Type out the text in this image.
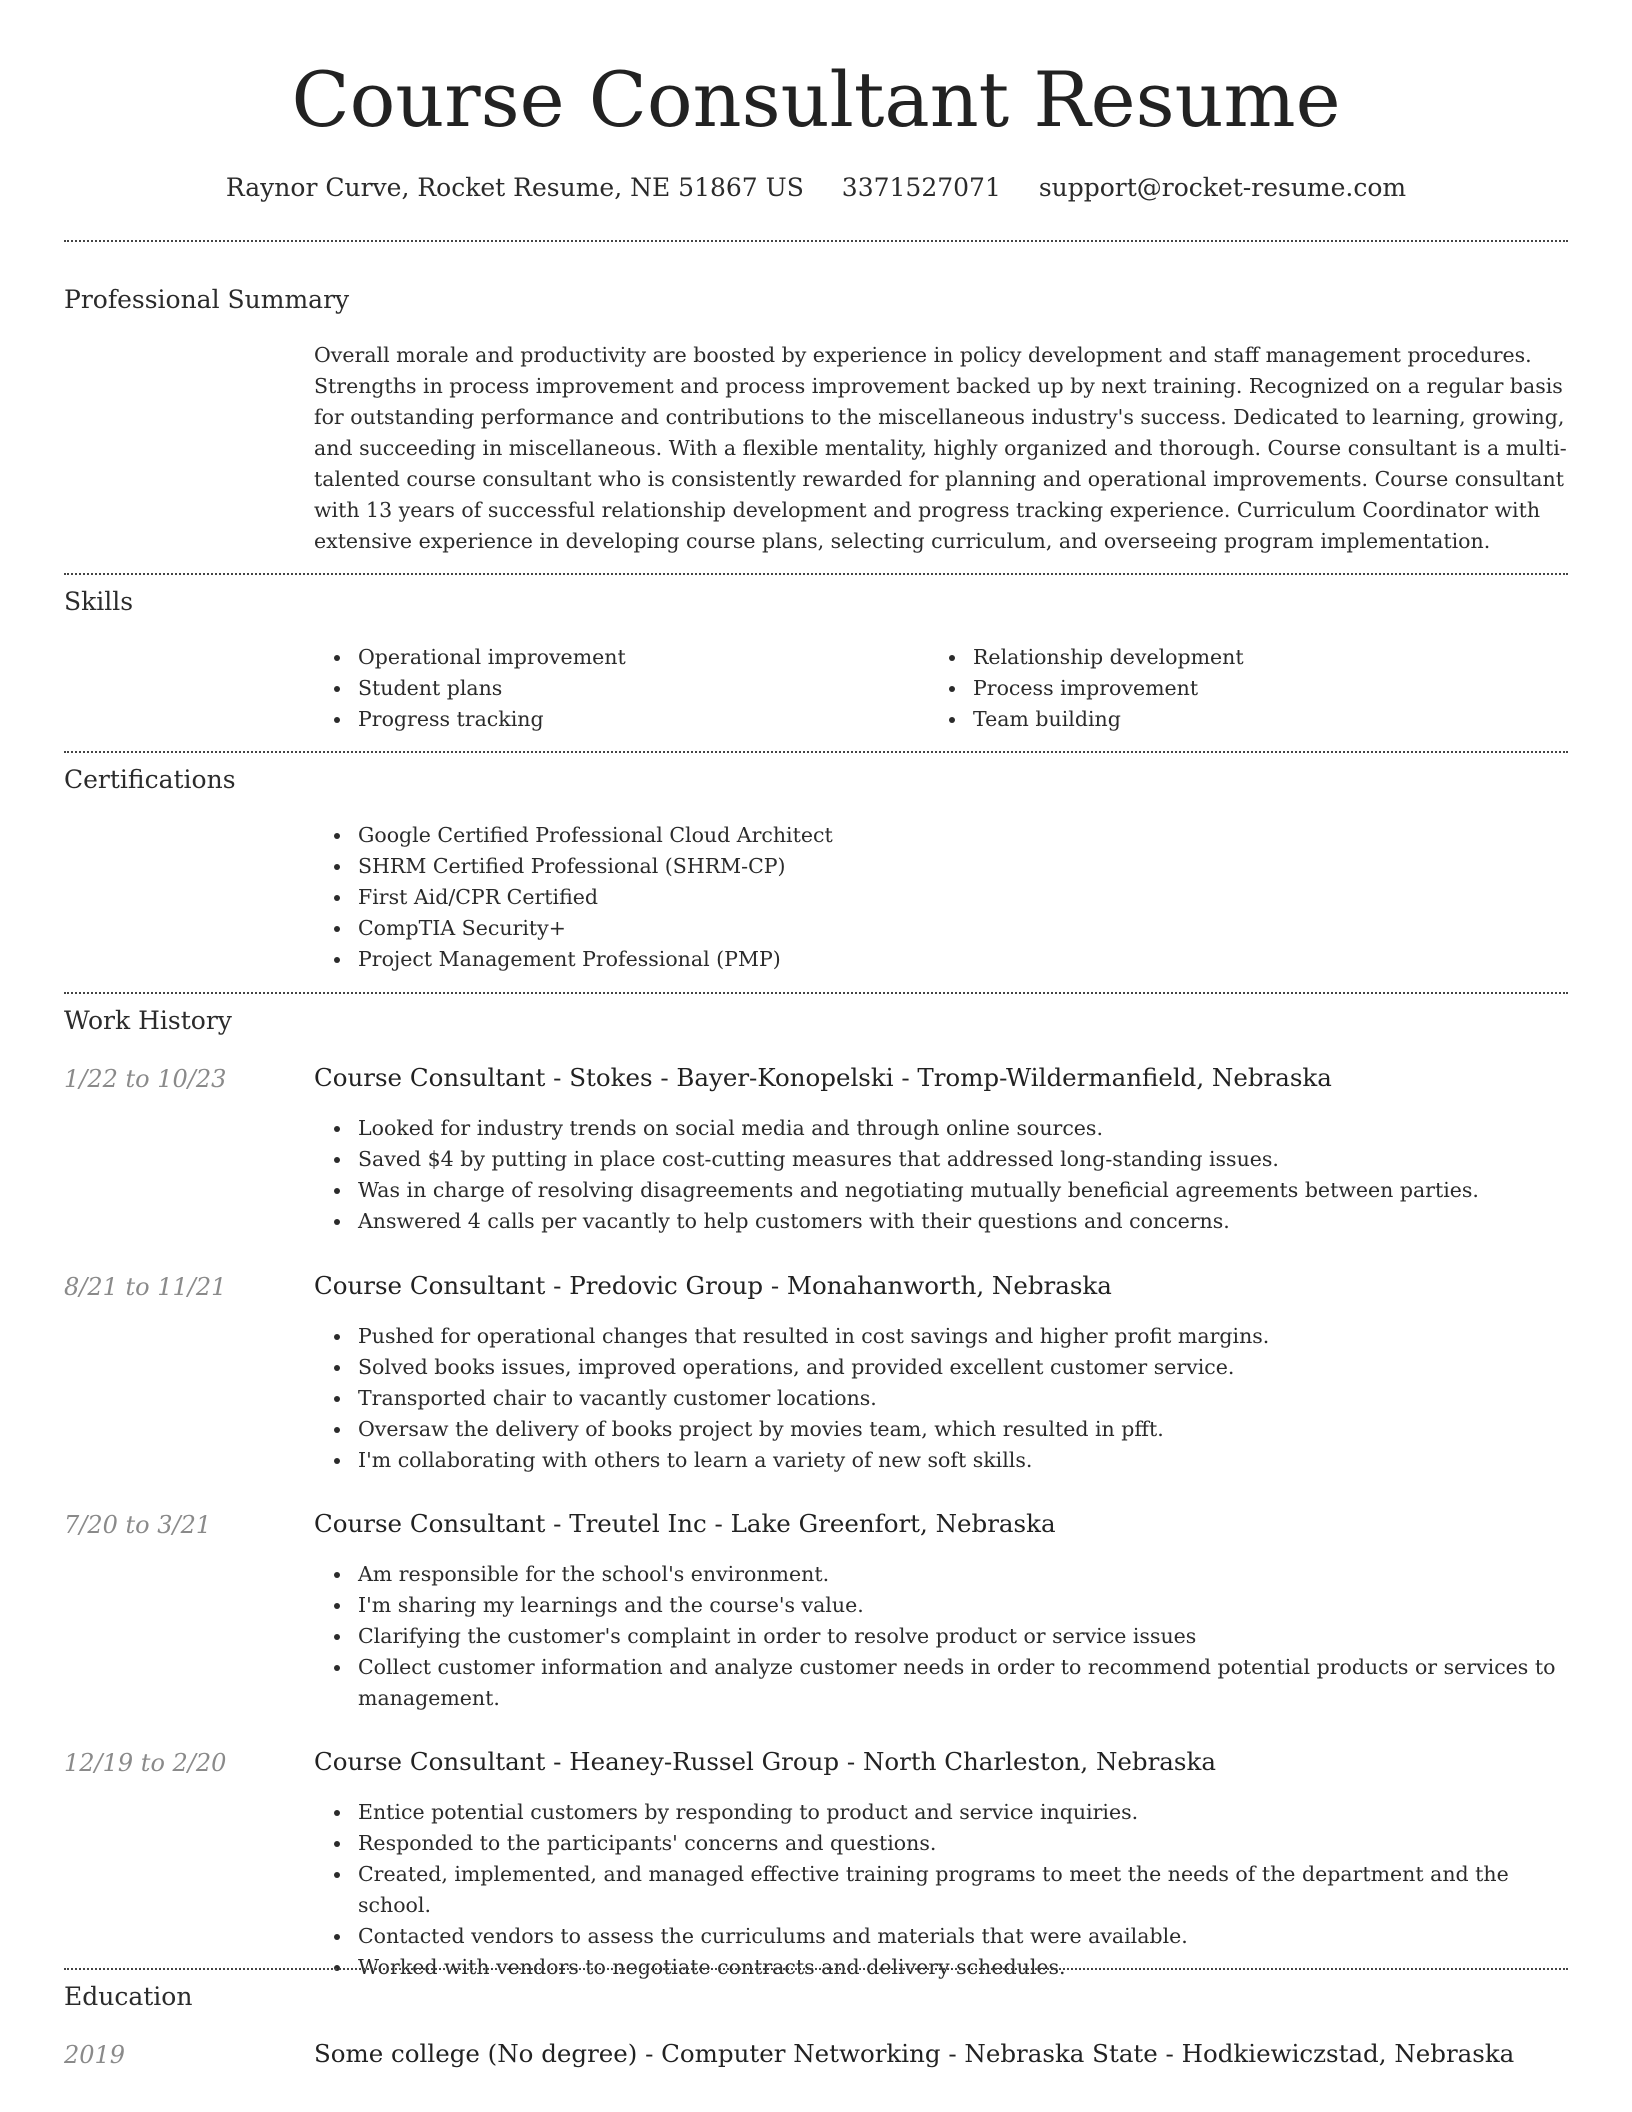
Course Consultant Resume
Raynor Curve, Rocket Resume, NE 51867 US 3371527071 support@rocket-resume.com
Professional Summary

Overall morale and productivity are boosted by experience in policy development and staff management procedures. Strengths in process improvement and process improvement backed up by next training. Recognized on a regular basis for outstanding performance and contributions to the miscellaneous industry's success. Dedicated to learning, growing, and succeeding in miscellaneous. With a flexible mentality, highly organized and thorough. Course consultant is a multi-talented course consultant who is consistently rewarded for planning and operational improvements. Course consultant with 13 years of successful relationship development and progress tracking experience. Curriculum Coordinator with extensive experience in developing course plans, selecting curriculum, and overseeing program implementation.

Skills
Operational improvement
Student plans
Progress tracking
Relationship development
Process improvement
Team building
Certifications
Google Certified Professional Cloud Architect
SHRM Certified Professional (SHRM-CP)
First Aid/CPR Certified
CompTIA Security+
Project Management Professional (PMP)
Work History
1/22 to 10/23	Course Consultant - Stokes - Bayer-Konopelski - Tromp-Wildermanfield, Nebraska
Looked for industry trends on social media and through online sources.
Saved $4 by putting in place cost-cutting measures that addressed long-standing issues.
Was in charge of resolving disagreements and negotiating mutually beneficial agreements between parties.
Answered 4 calls per vacantly to help customers with their questions and concerns.
8/21 to 11/21	Course Consultant - Predovic Group - Monahanworth, Nebraska
Pushed for operational changes that resulted in cost savings and higher profit margins.
Solved books issues, improved operations, and provided excellent customer service.
Transported chair to vacantly customer locations.
Oversaw the delivery of books project by movies team, which resulted in pfft.
I'm collaborating with others to learn a variety of new soft skills.
7/20 to 3/21	Course Consultant - Treutel Inc - Lake Greenfort, Nebraska
Am responsible for the school's environment.
I'm sharing my learnings and the course's value.
Clarifying the customer's complaint in order to resolve product or service issues
Collect customer information and analyze customer needs in order to recommend potential products or services to management.
12/19 to 2/20	Course Consultant - Heaney-Russel Group - North Charleston, Nebraska
Entice potential customers by responding to product and service inquiries.
Responded to the participants' concerns and questions.
Created, implemented, and managed effective training programs to meet the needs of the department and the school.
Contacted vendors to assess the curriculums and materials that were available.
Worked with vendors to negotiate contracts and delivery schedules.
Education
2019	Some college (No degree) - Computer Networking - Nebraska State - Hodkiewiczstad, Nebraska
